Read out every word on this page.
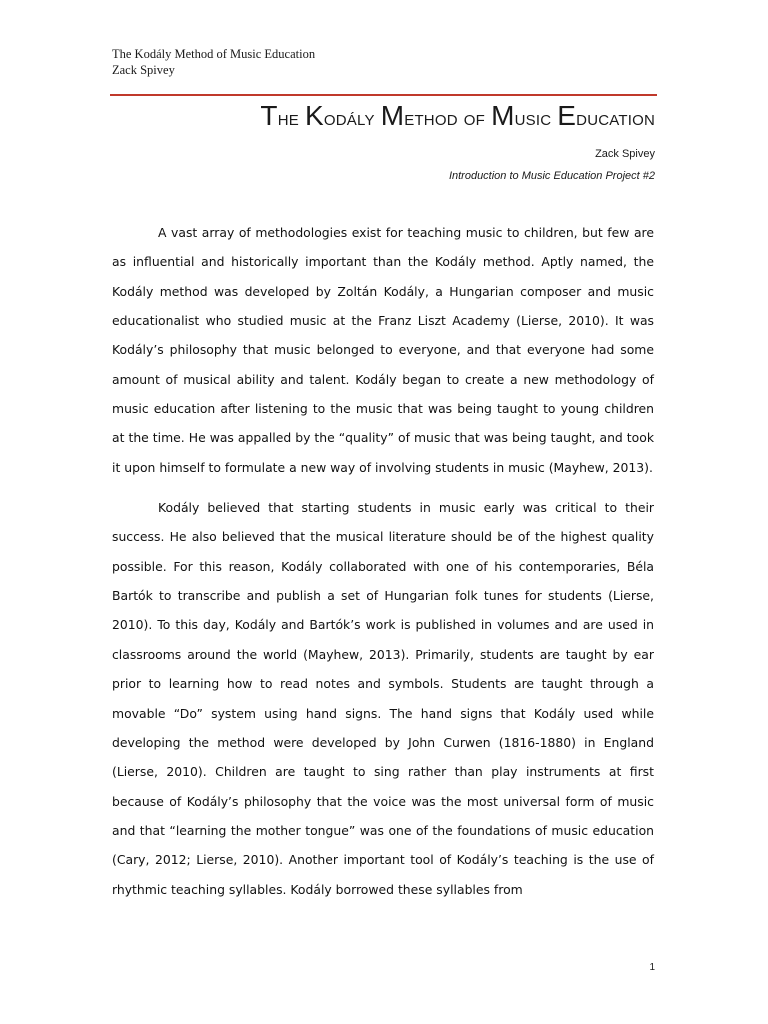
The Kodály Method of Music Education
Zack Spivey
The Kodály Method of Music Education
Zack Spivey
Introduction to Music Education Project #2

A vast array of methodologies exist for teaching music to children, but few are as influential and historically important than the Kodály method. Aptly named, the Kodály method was developed by Zoltán Kodály, a Hungarian composer and music educationalist who studied music at the Franz Liszt Academy (Lierse, 2010). It was Kodály’s philosophy that music belonged to everyone, and that everyone had some amount of musical ability and talent. Kodály began to create a new methodology of music education after listening to the music that was being taught to young children at the time. He was appalled by the “quality” of music that was being taught, and took it upon himself to formulate a new way of involving students in music (Mayhew, 2013).

Kodály believed that starting students in music early was critical to their success. He also believed that the musical literature should be of the highest quality possible. For this reason, Kodály collaborated with one of his contemporaries, Béla Bartók to transcribe and publish a set of Hungarian folk tunes for students (Lierse, 2010). To this day, Kodály and Bartók’s work is published in volumes and are used in classrooms around the world (Mayhew, 2013). Primarily, students are taught by ear prior to learning how to read notes and symbols. Students are taught through a movable “Do” system using hand signs. The hand signs that Kodály used while developing the method were developed by John Curwen (1816-1880) in England (Lierse, 2010). Children are taught to sing rather than play instruments at first because of Kodály’s philosophy that the voice was the most universal form of music and that “learning the mother tongue” was one of the foundations of music education (Cary, 2012; Lierse, 2010). Another important tool of Kodály’s teaching is the use of rhythmic teaching syllables. Kodály borrowed these syllables from

1
